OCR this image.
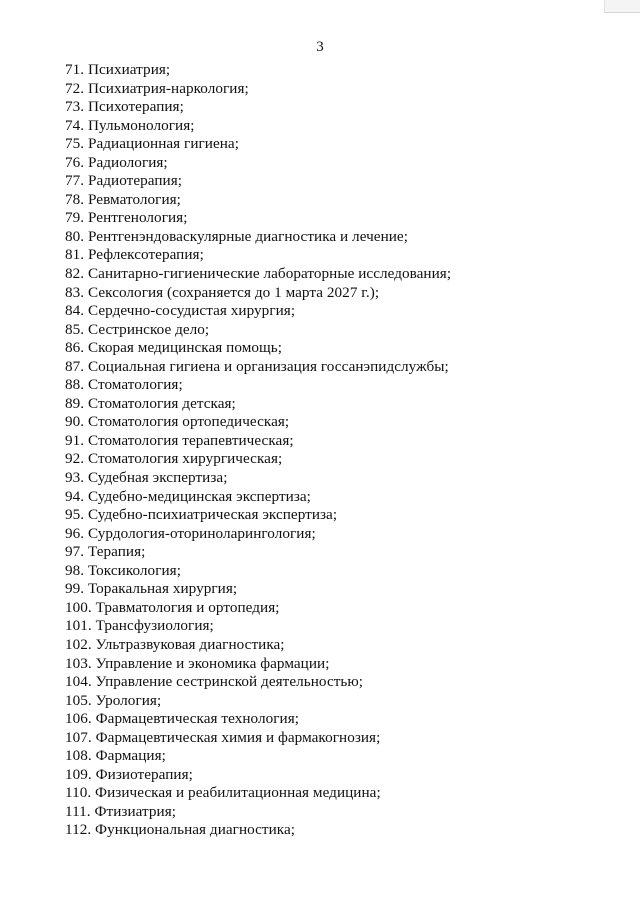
3
71. Психиатрия;
72. Психиатрия-наркология;
73. Психотерапия;
74. Пульмонология;
75. Радиационная гигиена;
76. Радиология;
77. Радиотерапия;
78. Ревматология;
79. Рентгенология;
80. Рентгенэндоваскулярные диагностика и лечение;
81. Рефлексотерапия;
82. Санитарно-гигиенические лабораторные исследования;
83. Сексология (сохраняется до 1 марта 2027 г.);
84. Сердечно-сосудистая хирургия;
85. Сестринское дело;
86. Скорая медицинская помощь;
87. Социальная гигиена и организация госсанэпидслужбы;
88. Стоматология;
89. Стоматология детская;
90. Стоматология ортопедическая;
91. Стоматология терапевтическая;
92. Стоматология хирургическая;
93. Судебная экспертиза;
94. Судебно-медицинская экспертиза;
95. Судебно-психиатрическая экспертиза;
96. Сурдология-оториноларингология;
97. Терапия;
98. Токсикология;
99. Торакальная хирургия;
100. Травматология и ортопедия;
101. Трансфузиология;
102. Ультразвуковая диагностика;
103. Управление и экономика фармации;
104. Управление сестринской деятельностью;
105. Урология;
106. Фармацевтическая технология;
107. Фармацевтическая химия и фармакогнозия;
108. Фармация;
109. Физиотерапия;
110. Физическая и реабилитационная медицина;
111. Фтизиатрия;
112. Функциональная диагностика;
